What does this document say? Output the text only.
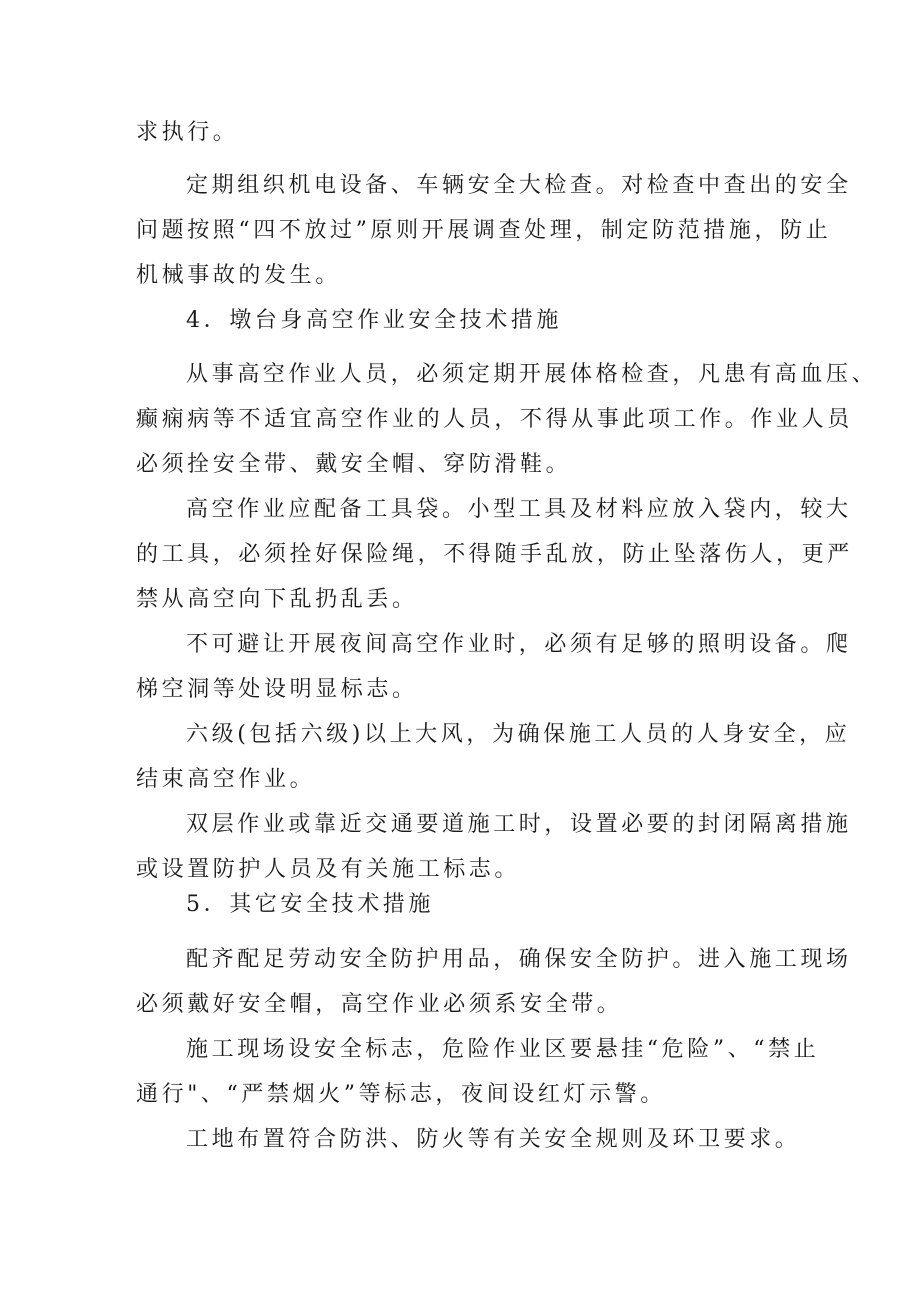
求执行。

定期组织机电设备、车辆安全大检查。对检查中查出的安全
问题按照“四不放过”原则开展调查处理，制定防范措施，防止
机械事故的发生。

4．墩台身高空作业安全技术措施

从事高空作业人员，必须定期开展体格检查，凡患有高血压、
癫痫病等不适宜高空作业的人员，不得从事此项工作。作业人员
必须拴安全带、戴安全帽、穿防滑鞋。

高空作业应配备工具袋。小型工具及材料应放入袋内，较大
的工具，必须拴好保险绳，不得随手乱放，防止坠落伤人，更严
禁从高空向下乱扔乱丢。

不可避让开展夜间高空作业时，必须有足够的照明设备。爬
梯空洞等处设明显标志。

六级(包括六级)以上大风，为确保施工人员的人身安全，应
结束高空作业。

双层作业或靠近交通要道施工时，设置必要的封闭隔离措施
或设置防护人员及有关施工标志。

5．其它安全技术措施

配齐配足劳动安全防护用品，确保安全防护。进入施工现场
必须戴好安全帽，高空作业必须系安全带。

施工现场设安全标志，危险作业区要悬挂“危险”、“禁止
通行"、“严禁烟火”等标志，夜间设红灯示警。

工地布置符合防洪、防火等有关安全规则及环卫要求。
